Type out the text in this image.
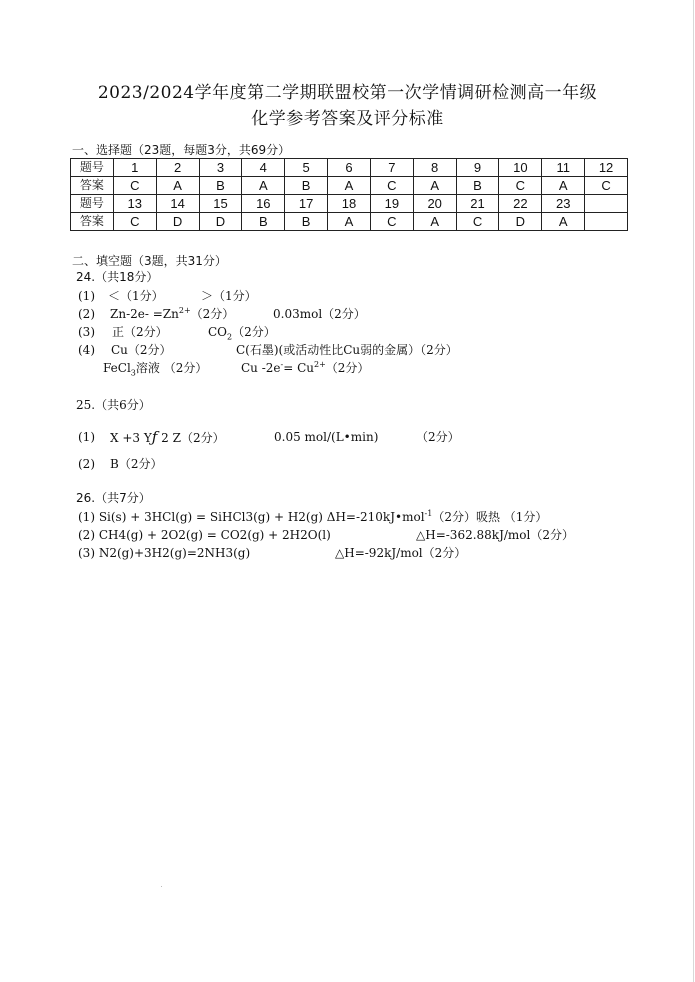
2023/2024学年度第二学期联盟校第一次学情调研检测高一年级
化学参考答案及评分标准
一、选择题（23题，每题3分，共69分）
题号	1	2	3	4	5	6	7	8	9	10	11	12
答案	C	A	B	A	B	A	C	A	B	C	A	C
题号	13	14	15	16	17	18	19	20	21	22	23	
答案	C	D	D	B	B	A	C	A	C	D	A	
二、填空题（3题，共31分）
24.（共18分）
(1) ＜（1分）	＞（1分）
(2) $Zn-2e- =Zn^{2+}(2$分）	0.03mol（2分）
(3) 正（2分）	$CO_2(2$分）
(4) Cu（2分）	C(石墨)(或活动性比Cu弱的金属）（2分）
FeCl$_3$溶液 （2分）	Cu $-2e^-= Cu^{2+}(2$分）
25.（共6分）
(1) X +3 Yƒ 2 Z（2分）	0.05 mol/(L•min)	（2分）
(2) B（2分）
26.（共7分）
(1) Si(s) + 3HCl(g) = SiHCl3(g) + H2(g) ΔH=-210kJ•mol$^{-1}$（2分）吸热 （1分）
(2) CH4(g) + 2O2(g) = CO2(g) + 2H2O(l)	△H=-362.88kJ/mol（2分）
(3) N2(g)+3H2(g)=2NH3(g)	△H=-92kJ/mol（2分）
